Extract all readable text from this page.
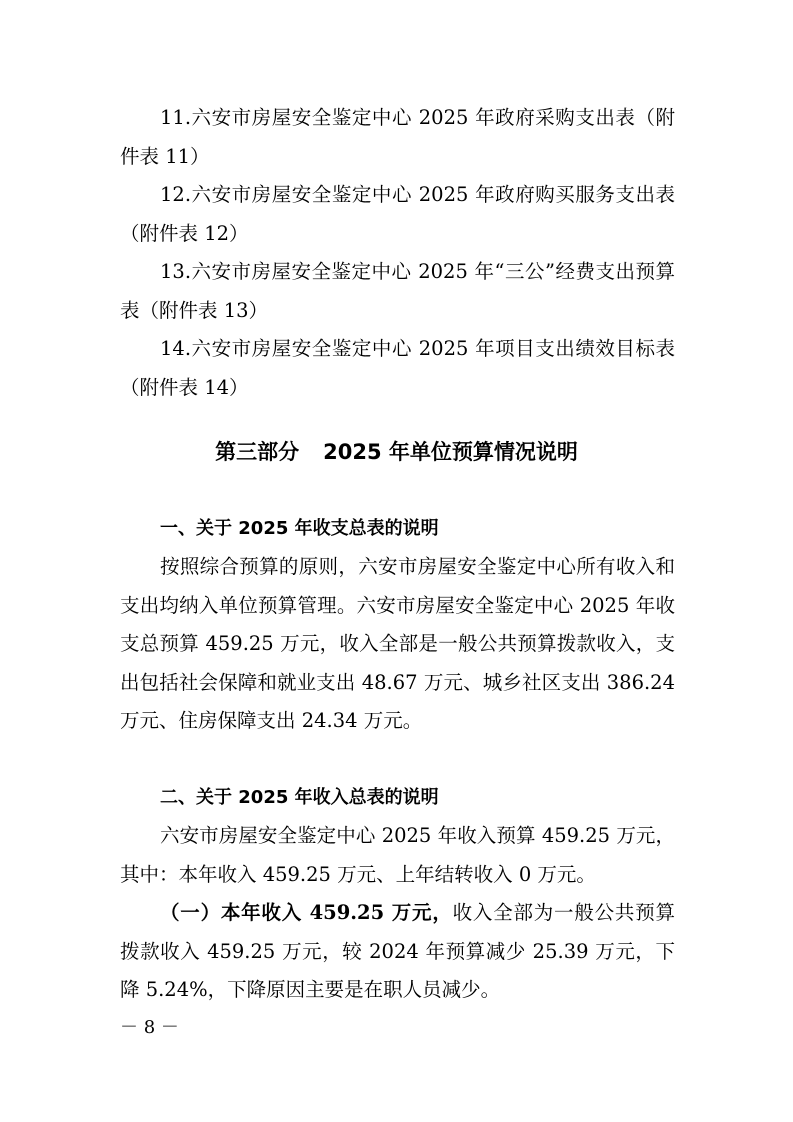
11.六安市房屋安全鉴定中心 2025 年政府采购支出表（附件表 11）

12.六安市房屋安全鉴定中心 2025 年政府购买服务支出表（附件表 12）

13.六安市房屋安全鉴定中心 2025 年“三公”经费支出预算表（附件表 13）

14.六安市房屋安全鉴定中心 2025 年项目支出绩效目标表（附件表 14）

第三部分 2025 年单位预算情况说明
一、关于 2025 年收支总表的说明

按照综合预算的原则，六安市房屋安全鉴定中心所有收入和支出均纳入单位预算管理。六安市房屋安全鉴定中心 2025 年收支总预算 459.25 万元，收入全部是一般公共预算拨款收入，支出包括社会保障和就业支出 48.67 万元、城乡社区支出 386.24 万元、住房保障支出 24.34 万元。

二、关于 2025 年收入总表的说明

六安市房屋安全鉴定中心 2025 年收入预算 459.25 万元，其中：本年收入 459.25 万元、上年结转收入 0 万元。

（一）本年收入 459.25 万元，收入全部为一般公共预算拨款收入 459.25 万元，较 2024 年预算减少 25.39 万元，下降 5.24%，下降原因主要是在职人员减少。

－ 8 －
